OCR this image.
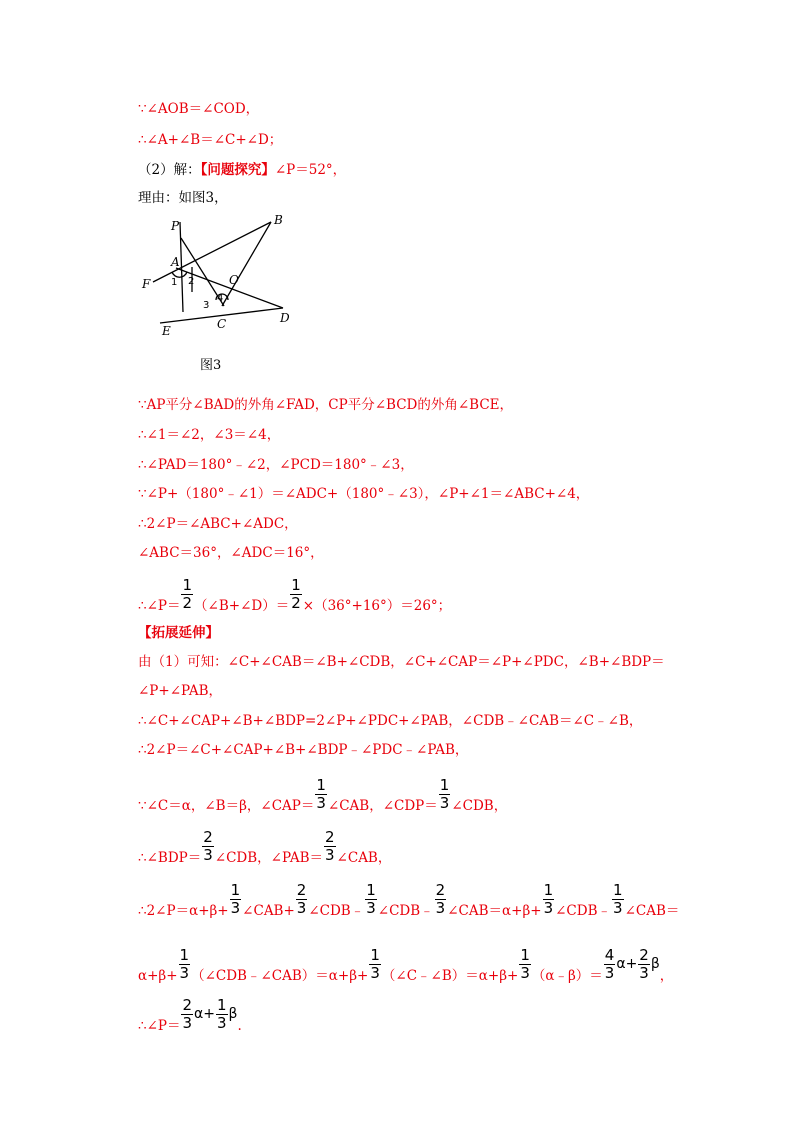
∵∠AOB＝∠COD，
∴∠A+∠B＝∠C+∠D；
（2）解：【问题探究】∠P＝52°，
理由：如图3，
P	B
A
O
F
C	D
E
1 2
3
4
图3
∵AP平分∠BAD的外角∠FAD，CP平分∠BCD的外角∠BCE，
∴∠1＝∠2，∠3＝∠4，
∴∠PAD＝180°﹣∠2，∠PCD＝180°﹣∠3，
∵∠P+（180°﹣∠1）＝∠ADC+（180°﹣∠3），∠P+∠1＝∠ABC+∠4，
∴2∠P＝∠ABC+∠ADC，
∠ABC＝36°，∠ADC＝16°，
∴∠P＝ $\frac{1}{2}$ （∠B+∠D）＝ $\frac{1}{2} \times(36^\circ+16^\circ)=26^\circ$；
【拓展延伸】
由（1）可知：∠C+∠CAB＝∠B+∠CDB，∠C+∠CAP＝∠P+∠PDC，∠B+∠BDP＝
∠P+∠PAB，
∴∠C+∠CAP+∠B+∠BDP=2∠P+∠PDC+∠PAB，∠CDB﹣∠CAB＝∠C﹣∠B，
∴2∠P＝∠C+∠CAP+∠B+∠BDP﹣∠PDC﹣∠PAB，
∵∠C＝α，∠B＝β，∠CAP＝ $\frac{1}{3}$ ∠CAB，∠CDP＝ $\frac{1}{3}$ ∠CDB，
∴∠BDP＝ $\frac{2}{3}$ ∠CDB，∠PAB＝ $\frac{2}{3}$ ∠CAB，
∴2∠P＝α+β+ $\frac{1}{3}$ ∠CAB+ $\frac{2}{3}$ ∠CDB﹣ $\frac{1}{3}$ ∠CDB﹣ $\frac{2}{3}$ ∠CAB＝α+β+ $\frac{1}{3}$ ∠CDB﹣ $\frac{1}{3}$ ∠CAB＝
$\alpha+\beta+ \frac{1}{3}$ （∠CDB﹣∠CAB）＝α+β+ $\frac{1}{3}$ （∠C﹣∠B）＝α+β+ $\frac{1}{3}$ （α﹣β）＝ $\frac{4}{3} \alpha+ \frac{2}{3}$ β，
∴∠P＝ $\frac{2}{3} \alpha+ \frac{1}{3} \beta$.
